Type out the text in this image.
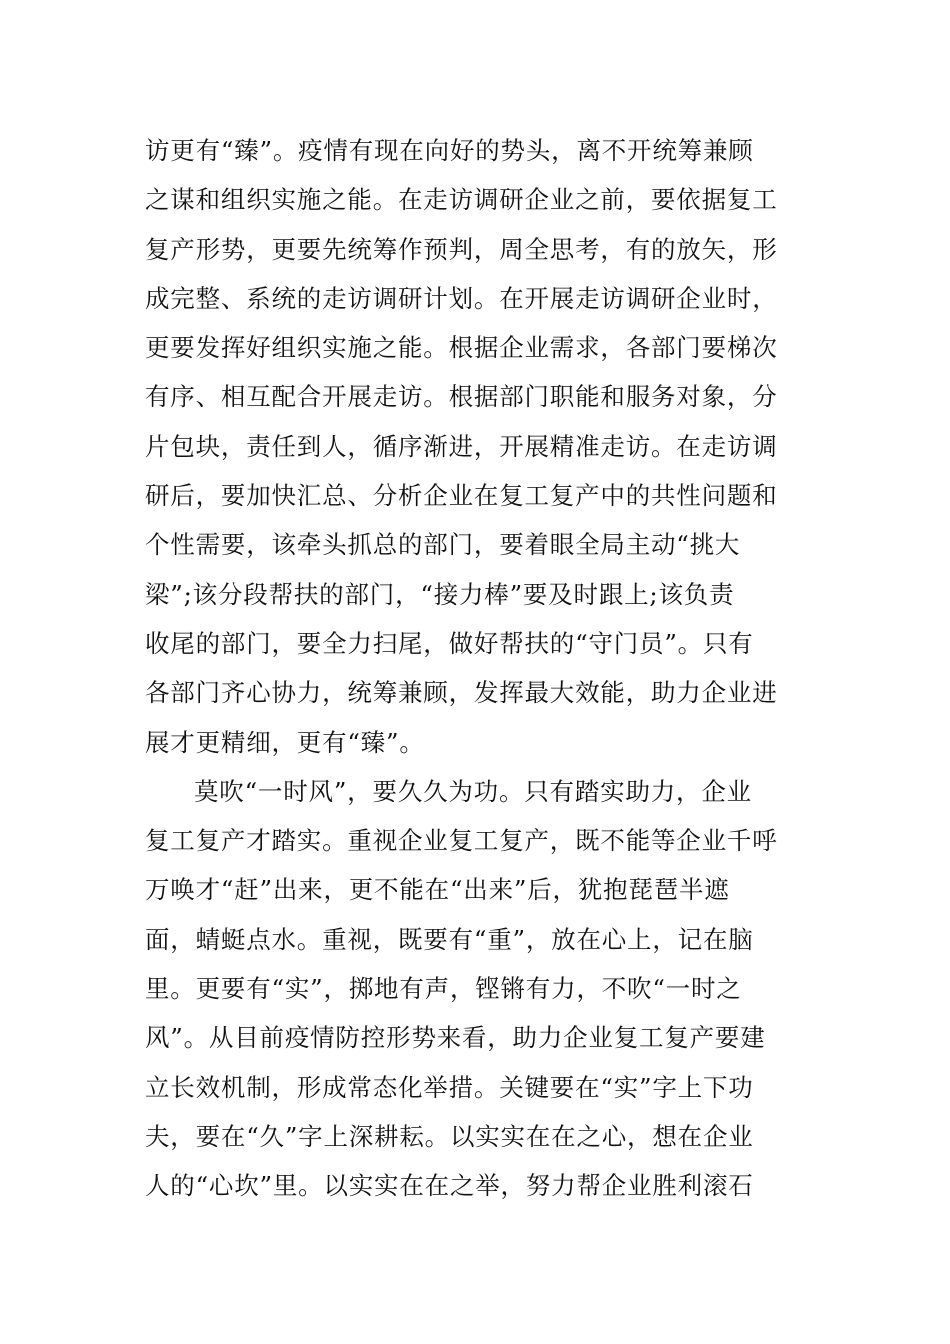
访更有“臻”。疫情有现在向好的势头，离不开统筹兼顾
之谋和组织实施之能。在走访调研企业之前，要依据复工
复产形势，更要先统筹作预判，周全思考，有的放矢，形
成完整、系统的走访调研计划。在开展走访调研企业时，
更要发挥好组织实施之能。根据企业需求，各部门要梯次
有序、相互配合开展走访。根据部门职能和服务对象，分
片包块，责任到人，循序渐进，开展精准走访。在走访调
研后，要加快汇总、分析企业在复工复产中的共性问题和
个性需要，该牵头抓总的部门，要着眼全局主动“挑大
梁”;该分段帮扶的部门，“接力棒”要及时跟上;该负责
收尾的部门，要全力扫尾，做好帮扶的“守门员”。只有
各部门齐心协力，统筹兼顾，发挥最大效能，助力企业进
展才更精细，更有“臻”。
莫吹“一时风”，要久久为功。只有踏实助力，企业
复工复产才踏实。重视企业复工复产，既不能等企业千呼
万唤才“赶”出来，更不能在“出来”后，犹抱琵琶半遮
面，蜻蜓点水。重视，既要有“重”，放在心上，记在脑
里。更要有“实”，掷地有声，铿锵有力，不吹“一时之
风”。从目前疫情防控形势来看，助力企业复工复产要建
立长效机制，形成常态化举措。关键要在“实”字上下功
夫，要在“久”字上深耕耘。以实实在在之心，想在企业
人的“心坎”里。以实实在在之举，努力帮企业胜利滚石
